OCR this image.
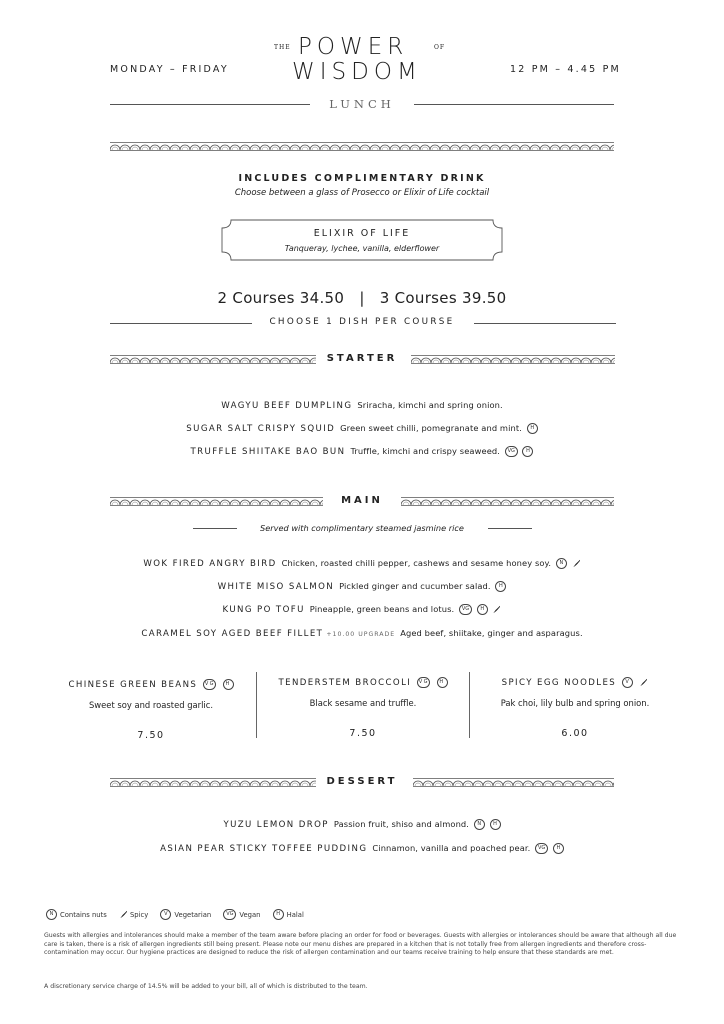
MONDAY – FRIDAY	12 PM – 4.45 PM
THE POWER	OF
WISDOM
LUNCH
INCLUDES COMPLIMENTARY DRINK
Choose between a glass of Prosecco or Elixir of Life cocktail
ELIXIR OF LIFE
Tanqueray, lychee, vanilla, elderflower
2 Courses 34.50 | 3 Courses 39.50
CHOOSE 1 DISH PER COURSE
STARTER
WAGYU BEEF DUMPLING Sriracha, kimchi and spring onion.
SUGAR SALT CRISPY SQUID Green sweet chilli, pomegranate and mint. H
TRUFFLE SHIITAKE BAO BUN Truffle, kimchi and crispy seaweed. VG H
MAIN
Served with complimentary steamed jasmine rice
WOK FIRED ANGRY BIRD Chicken, roasted chilli pepper, cashews and sesame honey soy. N
WHITE MISO SALMON Pickled ginger and cucumber salad. H
KUNG PO TOFU Pineapple, green beans and lotus. VG H
CARAMEL SOY AGED BEEF FILLET +10.00 UPGRADE Aged beef, shiitake, ginger and asparagus.
CHINESE GREEN BEANS VG H
Sweet soy and roasted garlic.
7.50
TENDERSTEM BROCCOLI VG H
Black sesame and truffle.
7.50
SPICY EGG NOODLES V
Pak choi, lily bulb and spring onion.
6.00
DESSERT
YUZU LEMON DROP Passion fruit, shiso and almond. N H
ASIAN PEAR STICKY TOFFEE PUDDING Cinnamon, vanilla and poached pear. VG H
N Contains nuts	Spicy	V Vegetarian	VG Vegan	H Halal
Guests with allergies and intolerances should make a member of the team aware before placing an order for food or beverages. Guests with allergies or intolerances should be aware that although all due care is taken, there is a risk of allergen ingredients still being present. Please note our menu dishes are prepared in a kitchen that is not totally free from allergen ingredients and therefore cross-contamination may occur. Our hygiene practices are designed to reduce the risk of allergen contamination and our teams receive training to help ensure that these standards are met.
A discretionary service charge of 14.5% will be added to your bill, all of which is distributed to the team.
